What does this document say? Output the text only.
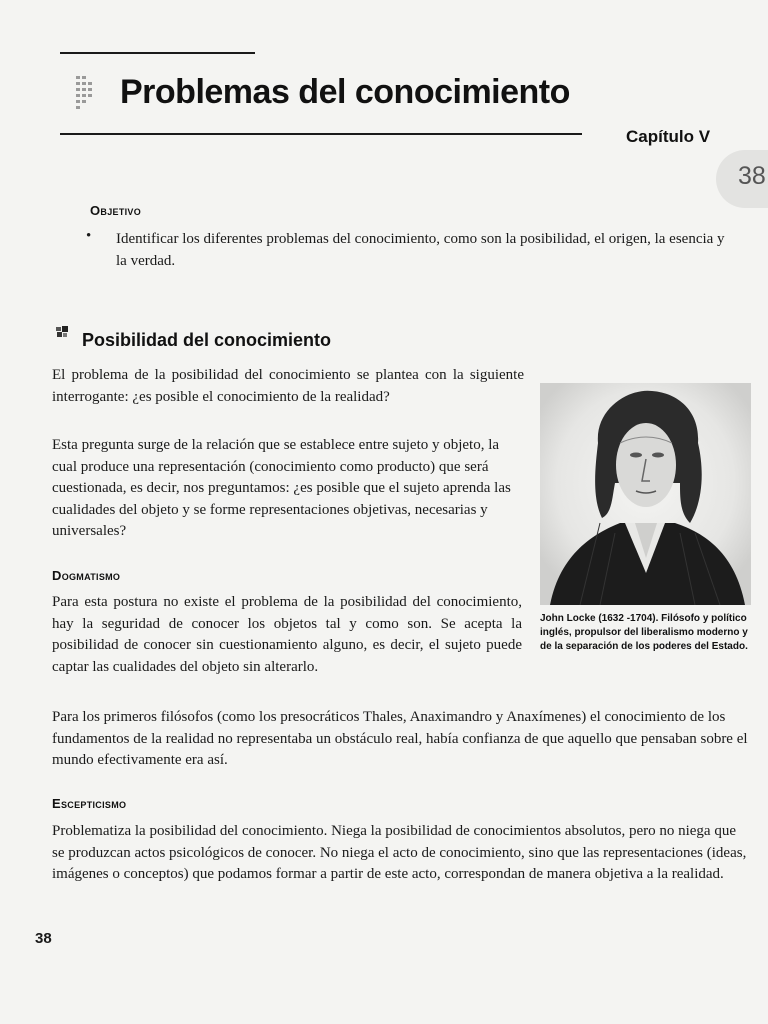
Problemas del conocimiento
Capítulo V
38
Objetivo
• Identificar los diferentes problemas del conocimiento, como son la posibilidad, el origen, la esencia y la verdad.
Posibilidad del conocimiento
El problema de la posibilidad del conocimiento se plantea con la siguiente interrogante: ¿es posible el conocimiento de la realidad?
Esta pregunta surge de la relación que se establece entre sujeto y objeto, la cual produce una representación (conocimiento como producto) que será cuestionada, es decir, nos preguntamos: ¿es posible que el sujeto aprenda las cualidades del objeto y se forme representaciones objetivas, necesarias y universales?
Dogmatismo
Para esta postura no existe el problema de la posibilidad del conocimiento, hay la seguridad de conocer los objetos tal y como son. Se acepta la posibilidad de conocer sin cuestionamiento alguno, es decir, el sujeto puede captar las cualidades del objeto sin alterarlo.
Para los primeros filósofos (como los presocráticos Thales, Anaximandro y Anaxímenes) el conocimiento de los fundamentos de la realidad no representaba un obstáculo real, había confianza de que aquello que pensaban sobre el mundo efectivamente era así.
Escepticismo
Problematiza la posibilidad del conocimiento. Niega la posibilidad de conocimientos absolutos, pero no niega que se produzcan actos psicológicos de conocer. No niega el acto de conocimiento, sino que las representaciones (ideas, imágenes o conceptos) que podamos formar a partir de este acto, correspondan de manera objetiva a la realidad.
John Locke (1632 -1704). Filósofo y político inglés, propulsor del liberalismo moderno y de la separación de los poderes del Estado.
38
